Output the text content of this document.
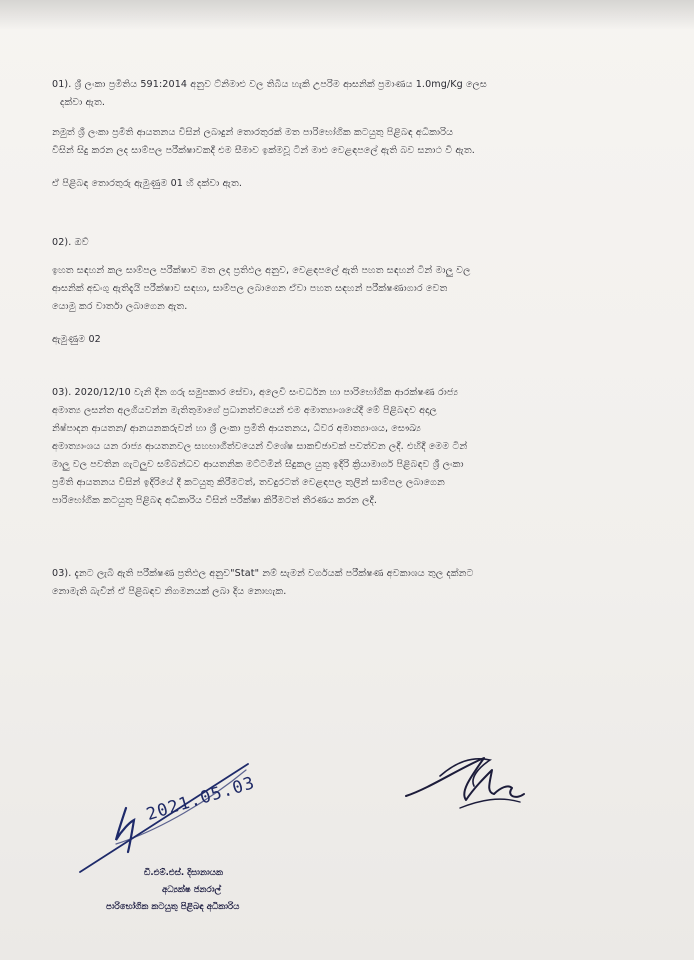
01). ශ්‍රී ලංකා ප්‍රමිතිය 591:2014 අනුව ට්නිමාළු වල තිබිය හැකි උපරිම ආසනික් ප්‍රමාණය 1.0mg/Kg ලෙස

දක්වා ඇත.

නමුත් ශ්‍රී ලංකා ප්‍රමිති ආයතනය විසින් ලබාදුන් තොරතුරක් මත පාරිභෝගික කටයුතු පිළිබඳ අධිකාරිය

විසින් සිදු කරන ලද සාම්පල පරීක්ෂාවකදී එම සීමාව ඉක්මවූ ටින් මාළු වෙළඳපලේ ඇති බව සනාථ වී ඇත.

ඒ පිළිබඳ තොරතුරු ඇමුණුම 01 හි දක්වා ඇත.

02). ඔව්

ඉහත සඳහන් කල සාම්පල පරීක්ෂාව මත ලද ප්‍රතිඵල අනුව, වෙළඳපලේ ඇති පහත සඳහන් ටින් මාලු වල

ආසනික් අඩංගු ඇතිදැයි පරීක්ෂාව සඳහා, සාම්පල ලබාගෙන ඒවා පහත සඳහන් පරීක්ෂණාගාර වෙත

යොමු කර වාර්තා ලබාගෙන ඇත.

ඇමුණුම 02

03). 2020/12/10 වැනි දින ගරු සමුපකාර සේවා, අලෙවි සංවර්ධන හා පාරිභෝගික ආරක්ෂණ රාජ්‍ය

අමාත්‍ය ලසන්ත අලගියවන්න මැතිතුමාගේ ප්‍රධානත්වයෙන් එම අමාත්‍යාංශයේදී මේ පිළිබඳව අදාල

නිෂ්පාදන ආයතන/ ආනයනකරුවන් හා ශ්‍රී ලංකා ප්‍රමිති ආයතනය, ධීවර අමාත්‍යාංශය, සෞඛ්‍ය

අමාත්‍යාංශය යන රාජ්‍ය ආයතනවල සහභාගීත්වයෙන් විශේෂ සාකච්ඡාවක් පවත්වන ලදී. එහිදී මෙම ටින්

මාලු වල පවතින ගැටලුව සම්බන්ධව ආයතනික මට්ටමින් සිදුකල යුතු ඉදිරි ක්‍රියාමාර්ග පිළිබඳව ශ්‍රී ලංකා

ප්‍රමිති ආයතනය විසින් ඉදිරියේ දී කටයුතු කිරීමටත්, තවදුරටත් වෙළඳපල තුලින් සාම්පල ලබාගෙන

පාරිභෝගික කටයුතු පිළිබඳ අධිකාරිය විසින් පරීක්ෂා කිරීමටත් තීරණය කරන ලදී.

03). දැනට ලැබී ඇති පරීක්ෂණ ප්‍රතිඵල අනුව"Stat" නම් සැමන් වර්ගයක් පරීක්ෂණ අවකාශය තුල දක්නට

නොමැති බැවින් ඒ පිළිබඳව නිගමනයක් ලබා දිය නොහැක.

2021.05.03

ඩී.එම්.එස්. දිසානායක

අධ්‍යක්ෂ ජනරාල්

පාරිභෝගික කටයුතු පිළිබඳ අධිකාරිය
